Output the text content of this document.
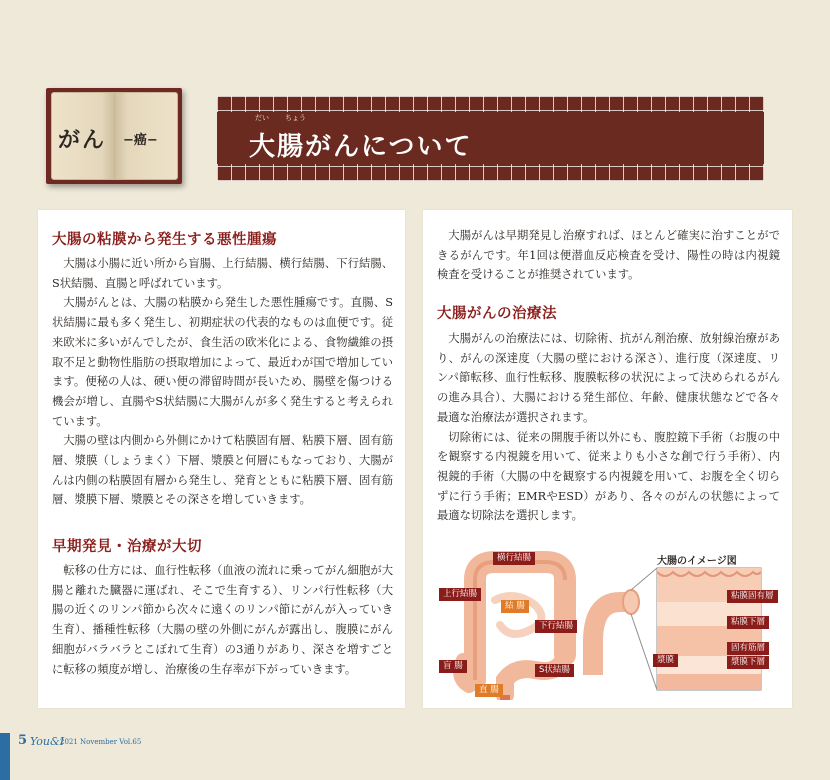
がん −癌−
だい ちょう
大腸がんについて
大腸の粘膜から発生する悪性腫瘍

大腸は小腸に近い所から盲腸、上行結腸、横行結腸、下行結腸、S状結腸、直腸と呼ばれています。

大腸がんとは、大腸の粘膜から発生した悪性腫瘍です。直腸、S状結腸に最も多く発生し、初期症状の代表的なものは血便です。従来欧米に多いがんでしたが、食生活の欧米化による、食物繊維の摂取不足と動物性脂肪の摂取増加によって、最近わが国で増加しています。便秘の人は、硬い便の滞留時間が長いため、腸壁を傷つける機会が増し、直腸やS状結腸に大腸がんが多く発生すると考えられています。

大腸の壁は内側から外側にかけて粘膜固有層、粘膜下層、固有筋層、漿膜（しょうまく）下層、漿膜と何層にもなっており、大腸がんは内側の粘膜固有層から発生し、発育とともに粘膜下層、固有筋層、漿膜下層、漿膜とその深さを増していきます。

早期発見・治療が大切

転移の仕方には、血行性転移（血液の流れに乗ってがん細胞が大腸と離れた臓器に運ばれ、そこで生育する）、リンパ行性転移（大腸の近くのリンパ節から次々に遠くのリンパ節にがんが入っていき生育）、播種性転移（大腸の壁の外側にがんが露出し、腹膜にがん細胞がバラバラとこぼれて生育）の3通りがあり、深さを増すごとに転移の頻度が増し、治療後の生存率が下がっていきます。

大腸がんは早期発見し治療すれば、ほとんど確実に治すことができるがんです。年1回は便潜血反応検査を受け、陽性の時は内視鏡検査を受けることが推奨されています。

大腸がんの治療法

大腸がんの治療法には、切除術、抗がん剤治療、放射線治療があり、がんの深達度（大腸の壁における深さ）、進行度（深達度、リンパ節転移、血行性転移、腹膜転移の状況によって決められるがんの進み具合）、大腸における発生部位、年齢、健康状態などで各々最適な治療法が選択されます。

切除術には、従来の開腹手術以外にも、腹腔鏡下手術（お腹の中を観察する内視鏡を用いて、従来よりも小さな創で行う手術）、内視鏡的手術（大腸の中を観察する内視鏡を用いて、お腹を全く切らずに行う手術；EMRやESD）があり、各々のがんの状態によって最適な切除法を選択します。

横行結腸
上行結腸
結 腸
下行結腸
盲 腸	S状結腸
直 腸
大腸のイメージ図
粘膜固有層
粘膜下層
固有筋層
漿膜	漿膜下層
5 You&I
2021 November Vol.65
